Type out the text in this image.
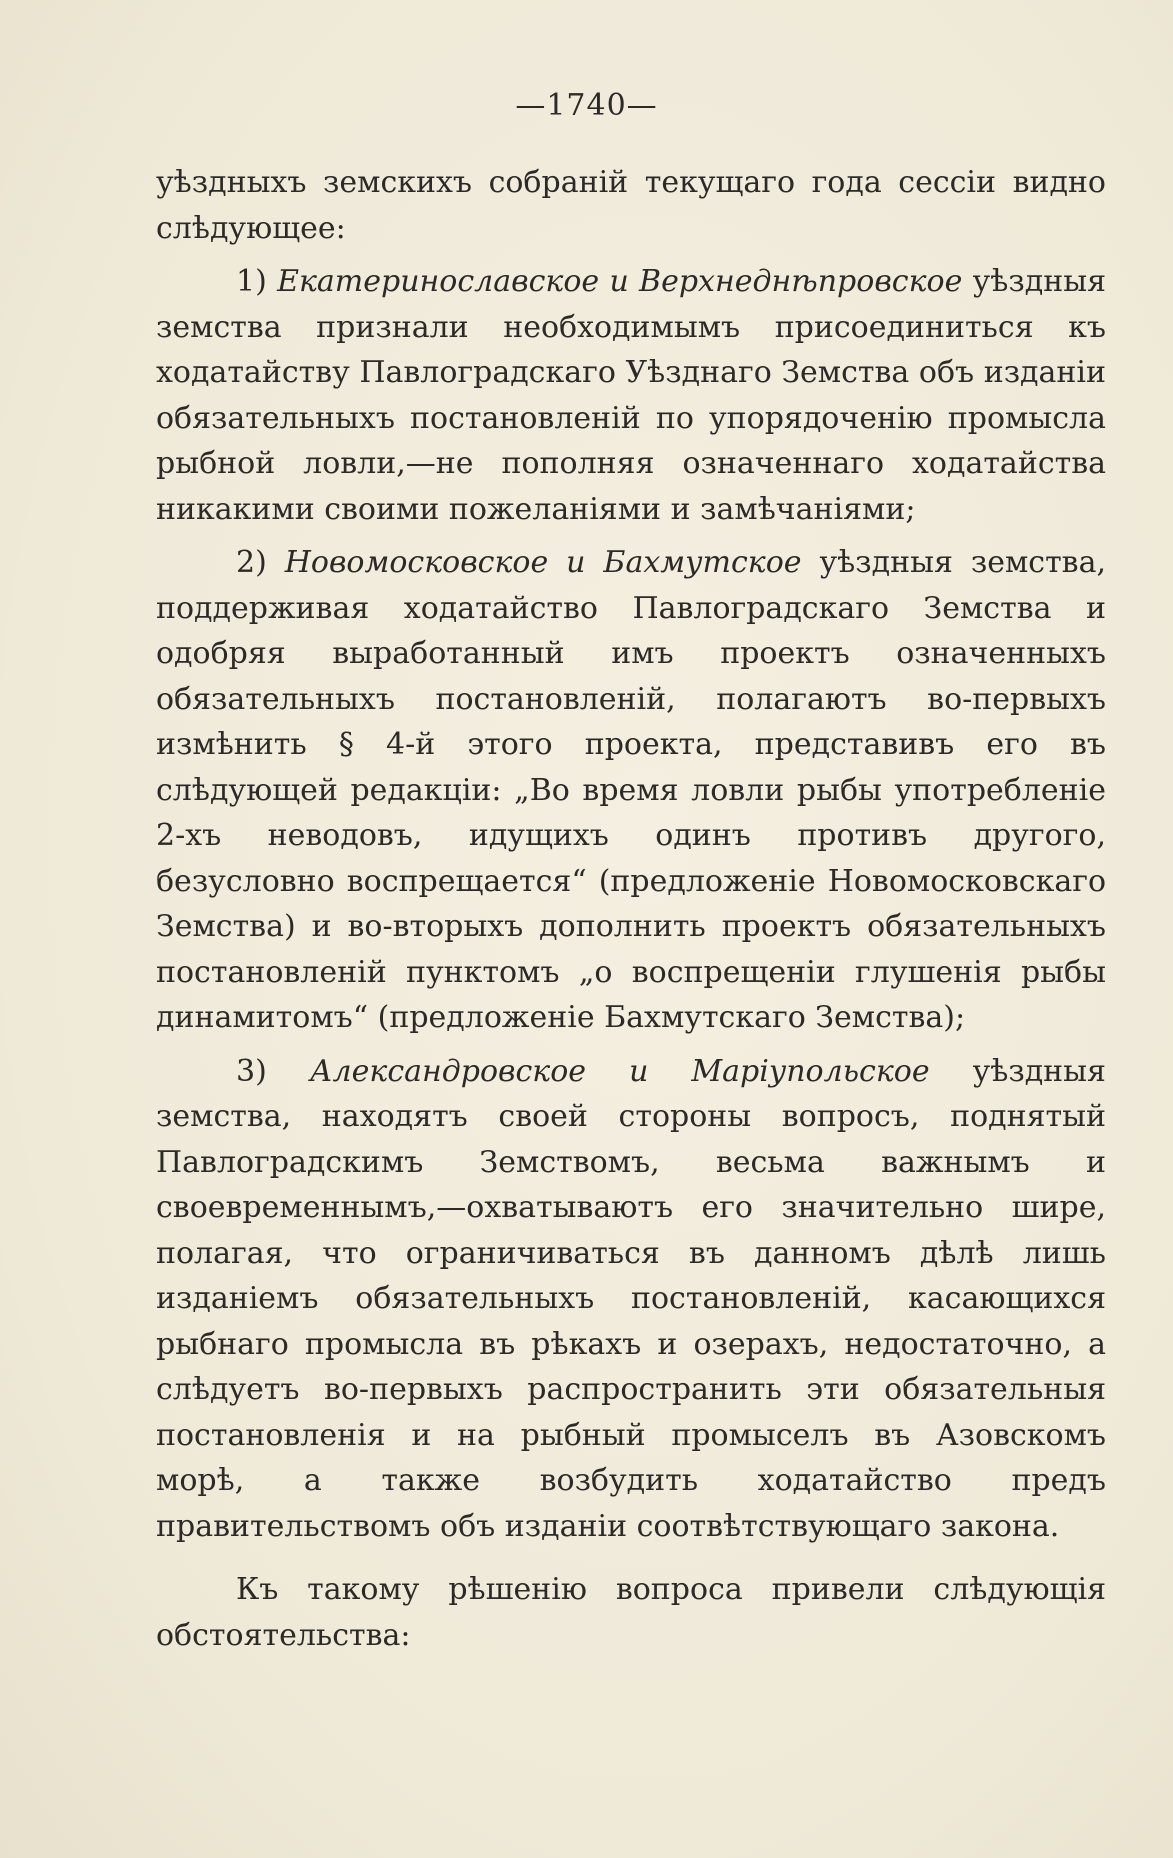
—1740—

уѣздныхъ земскихъ собраній текущаго года сессіи видно слѣдующее:

1) Екатеринославское и Верхнеднѣпровское уѣздныя земства признали необходимымъ присоединиться къ ходатайству Павлоградскаго Уѣзднаго Земства объ изданіи обязательныхъ постановленій по упорядоченію промысла рыбной ловли,—не пополняя означеннаго ходатайства никакими своими пожеланіями и замѣчаніями;

2) Новомосковское и Бахмутское уѣздныя земства, поддерживая ходатайство Павлоградскаго Земства и одобряя выработанный имъ проектъ означенныхъ обязательныхъ постановленій, полагаютъ во-первыхъ измѣнить § 4-й этого проекта, представивъ его въ слѣдующей редакціи: „Во время ловли рыбы употребленіе 2-хъ неводовъ, идущихъ одинъ противъ другого, безусловно воспрещается“ (предложеніе Новомосковскаго Земства) и во-вторыхъ дополнить проектъ обязательныхъ постановленій пунктомъ „о воспрещеніи глушенія рыбы динамитомъ“ (предложеніе Бахмутскаго Земства);

3) Александровское и Маріупольское уѣздныя земства, находятъ своей стороны вопросъ, поднятый Павлоградскимъ Земствомъ, весьма важнымъ и своевременнымъ,—охватываютъ его значительно шире, полагая, что ограничиваться въ данномъ дѣлѣ лишь изданіемъ обязательныхъ постановленій, касающихся рыбнаго промысла въ рѣкахъ и озерахъ, недостаточно, а слѣдуетъ во-первыхъ распространить эти обязательныя постановленія и на рыбный промыселъ въ Азовскомъ морѣ, а также возбудить ходатайство предъ правительствомъ объ изданіи соотвѣтствующаго закона.

Къ такому рѣшенію вопроса привели слѣдующія обстоятельства:
